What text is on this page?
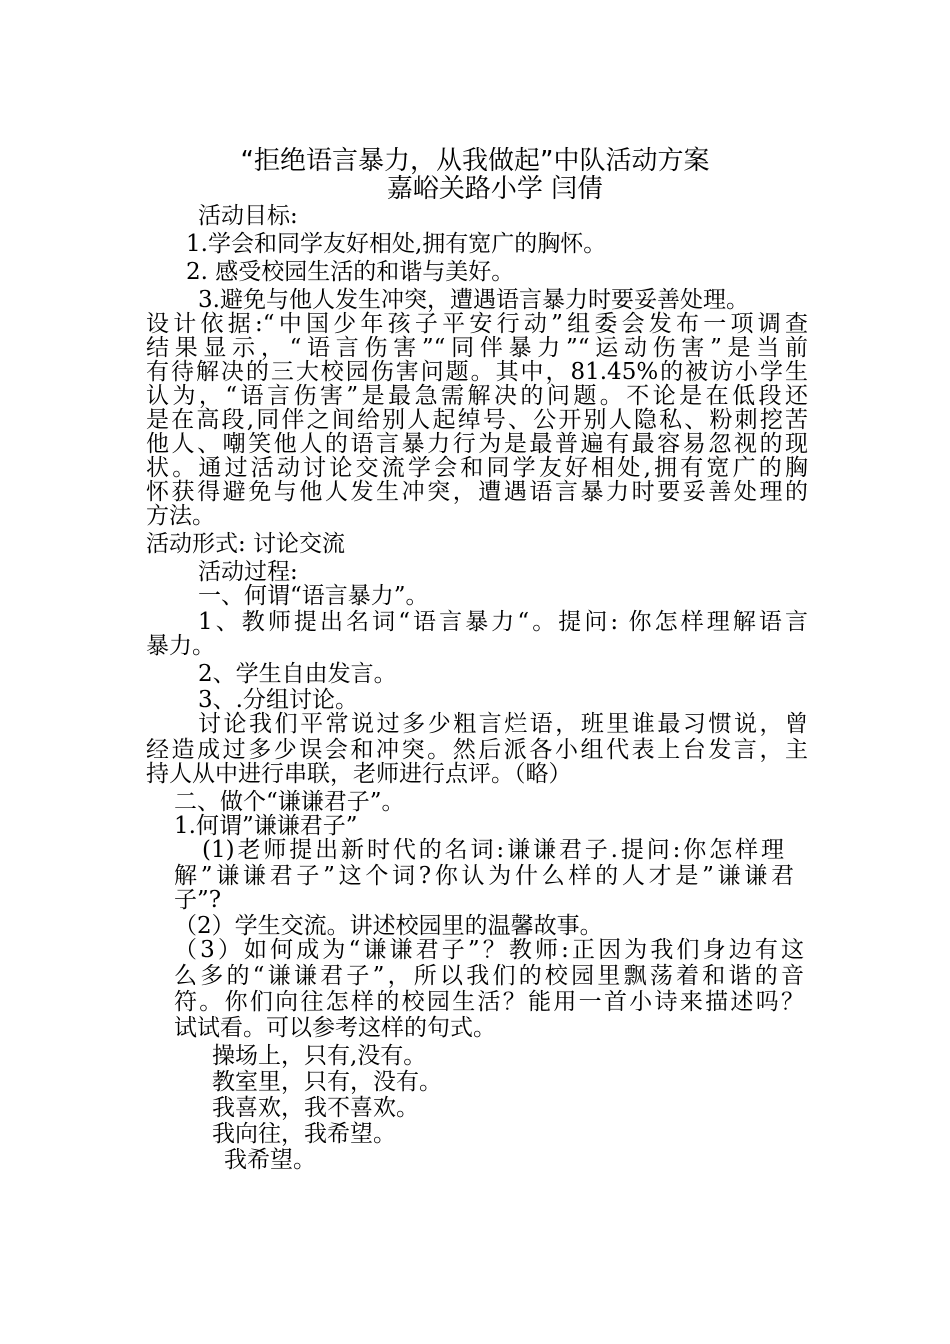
“拒绝语言暴力，从我做起”中队活动方案
嘉峪关路小学 闫倩

活动目标:

1.学会和同学友好相处,拥有宽广的胸怀。

2. 感受校园生活的和谐与美好。

3.避免与他人发生冲突，遭遇语言暴力时要妥善处理。

设计依据:“中国少年孩子平安行动”组委会发布一项调查

结果显示，“语言伤害”“同伴暴力”“运动伤害”是当前

有待解决的三大校园伤害问题。其中，81.45%的被访小学生

认为，“语言伤害”是最急需解决的问题。不论是在低段还

是在高段,同伴之间给别人起绰号、公开别人隐私、粉刺挖苦

他人、嘲笑他人的语言暴力行为是最普遍有最容易忽视的现

状。通过活动讨论交流学会和同学友好相处,拥有宽广的胸

怀获得避免与他人发生冲突，遭遇语言暴力时要妥善处理的

方法。

活动形式: 讨论交流

活动过程:

一、何谓“语言暴力”。

1、教师提出名词“语言暴力“。提问: 你怎样理解语言

暴力。

2、学生自由发言。

3、.分组讨论。

讨论我们平常说过多少粗言烂语，班里谁最习惯说，曾

经造成过多少误会和冲突。然后派各小组代表上台发言，主

持人从中进行串联，老师进行点评。（略）

二、做个“谦谦君子”。

1.何谓”谦谦君子”

(1)老师提出新时代的名词:谦谦君子.提问:你怎样理

解”谦谦君子”这个词?你认为什么样的人才是”谦谦君

子”?

（2）学生交流。讲述校园里的温馨故事。

（3）如何成为“谦谦君子”？教师:正因为我们身边有这

么多的“谦谦君子”，所以我们的校园里飘荡着和谐的音

符。你们向往怎样的校园生活？能用一首小诗来描述吗？

试试看。可以参考这样的句式。

操场上，只有,没有。

教室里，只有，没有。

我喜欢，我不喜欢。

我向往，我希望。

我希望。
